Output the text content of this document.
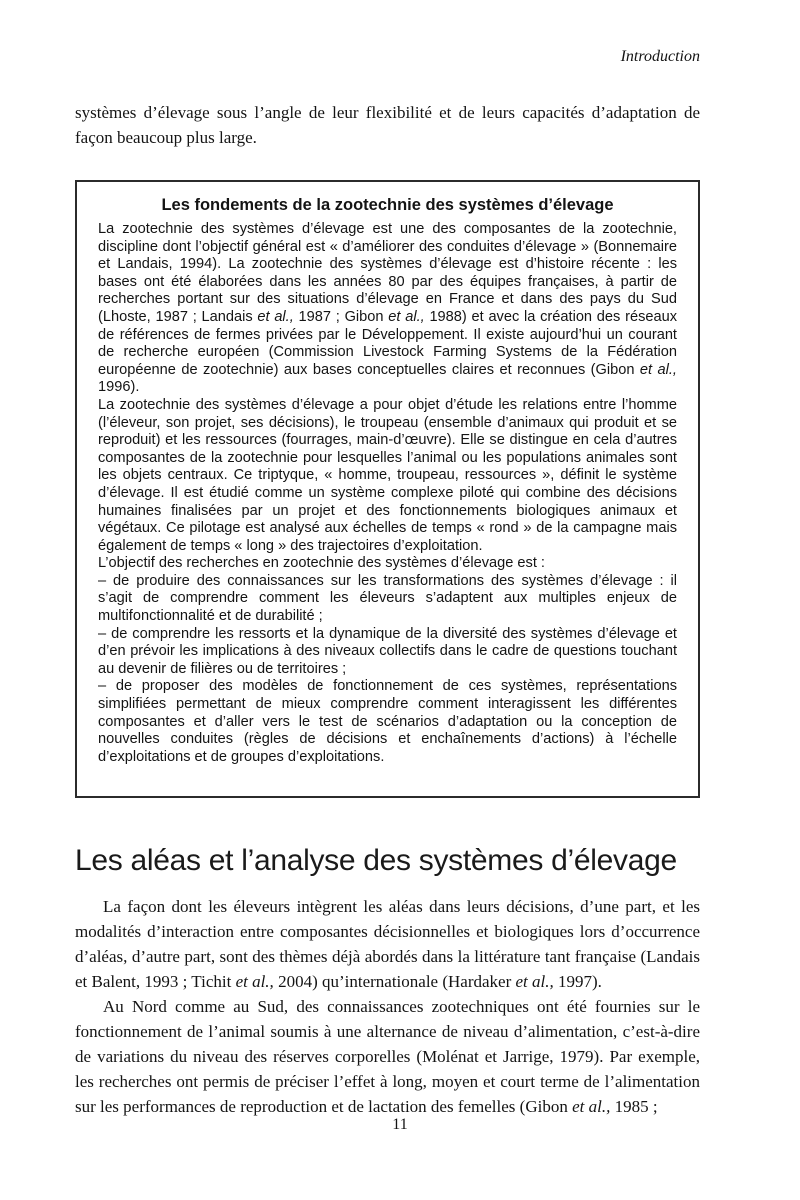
Introduction

systèmes d’élevage sous l’angle de leur flexibilité et de leurs capacités d’adaptation de façon beaucoup plus large.

Les fondements de la zootechnie des systèmes d’élevage

La zootechnie des systèmes d’élevage est une des composantes de la zootechnie, discipline dont l’objectif général est « d’améliorer des conduites d’élevage » (Bonnemaire et Landais, 1994). La zootechnie des systèmes d’élevage est d’histoire récente : les bases ont été élaborées dans les années 80 par des équipes françaises, à partir de recherches portant sur des situations d’élevage en France et dans des pays du Sud (Lhoste, 1987 ; Landais et al., 1987 ; Gibon et al., 1988) et avec la création des réseaux de références de fermes privées par le Développement. Il existe aujourd’hui un courant de recherche européen (Commission Livestock Farming Systems de la Fédération européenne de zootechnie) aux bases conceptuelles claires et reconnues (Gibon et al., 1996).

La zootechnie des systèmes d’élevage a pour objet d’étude les relations entre l’homme (l’éleveur, son projet, ses décisions), le troupeau (ensemble d’animaux qui produit et se reproduit) et les ressources (fourrages, main-d’œuvre). Elle se distingue en cela d’autres composantes de la zootechnie pour lesquelles l’animal ou les populations animales sont les objets centraux. Ce triptyque, « homme, troupeau, ressources », définit le système d’élevage. Il est étudié comme un système complexe piloté qui combine des décisions humaines finalisées par un projet et des fonctionnements biologiques animaux et végétaux. Ce pilotage est analysé aux échelles de temps « rond » de la campagne mais également de temps « long » des trajectoires d’exploitation.

L’objectif des recherches en zootechnie des systèmes d’élevage est :

– de produire des connaissances sur les transformations des systèmes d’élevage : il s’agit de comprendre comment les éleveurs s’adaptent aux multiples enjeux de multifonctionnalité et de durabilité ;

– de comprendre les ressorts et la dynamique de la diversité des systèmes d’élevage et d’en prévoir les implications à des niveaux collectifs dans le cadre de questions touchant au devenir de filières ou de territoires ;

– de proposer des modèles de fonctionnement de ces systèmes, représentations simplifiées permettant de mieux comprendre comment interagissent les différentes composantes et d’aller vers le test de scénarios d’adaptation ou la conception de nouvelles conduites (règles de décisions et enchaînements d’actions) à l’échelle d’exploitations et de groupes d’exploitations.

Les aléas et l’analyse des systèmes d’élevage

La façon dont les éleveurs intègrent les aléas dans leurs décisions, d’une part, et les modalités d’interaction entre composantes décisionnelles et biologiques lors d’occurrence d’aléas, d’autre part, sont des thèmes déjà abordés dans la littérature tant française (Landais et Balent, 1993 ; Tichit et al., 2004) qu’internationale (Hardaker et al., 1997).

Au Nord comme au Sud, des connaissances zootechniques ont été fournies sur le fonctionnement de l’animal soumis à une alternance de niveau d’alimentation, c’est-à-dire de variations du niveau des réserves corporelles (Molénat et Jarrige, 1979). Par exemple, les recherches ont permis de préciser l’effet à long, moyen et court terme de l’alimentation sur les performances de reproduction et de lactation des femelles (Gibon et al., 1985 ;

11
